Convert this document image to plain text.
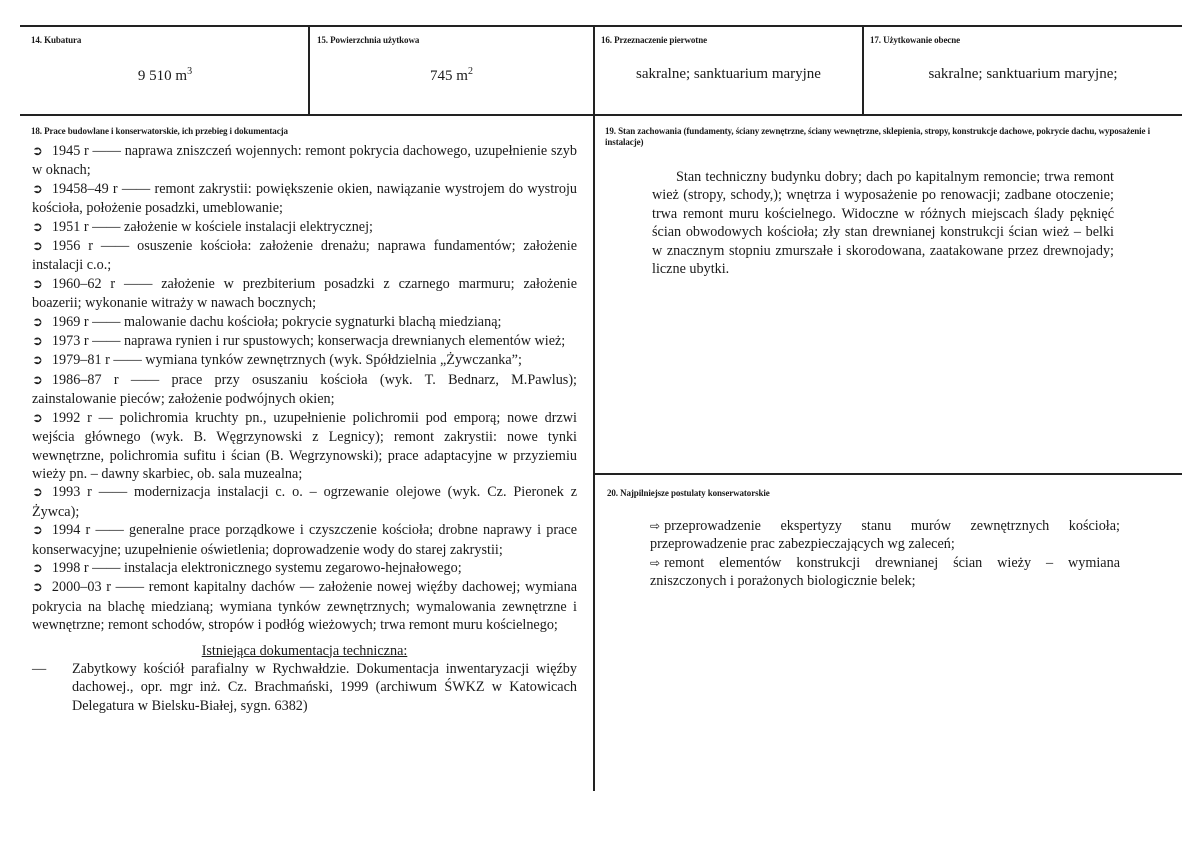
14. Kubatura
9 510 $m^3$
15. Powierzchnia użytkowa
745 $m^2$
16. Przeznaczenie pierwotne
sakralne; sanktuarium maryjne
17. Użytkowanie obecne
sakralne; sanktuarium maryjne;
18. Prace budowlane i konserwatorskie, ich przebieg i dokumentacja

➲ 1945 r —— naprawa zniszczeń wojennych: remont pokrycia dachowego, uzupełnienie szyb w oknach;

➲ 19458–49 r —— remont zakrystii: powiększenie okien, nawiązanie wystrojem do wystroju kościoła, położenie posadzki, umeblowanie;

➲ 1951 r —— założenie w kościele instalacji elektrycznej;

➲ 1956 r —— osuszenie kościoła: założenie drenażu; naprawa fundamentów; założenie instalacji c.o.;

➲ 1960–62 r —— założenie w prezbiterium posadzki z czarnego marmuru; założenie boazerii; wykonanie witraży w nawach bocznych;

➲ 1969 r —— malowanie dachu kościoła; pokrycie sygnaturki blachą miedzianą;

➲ 1973 r —— naprawa rynien i rur spustowych; konserwacja drewnianych elementów wież;

➲ 1979–81 r —— wymiana tynków zewnętrznych (wyk. Spółdzielnia „Żywczanka”;

➲ 1986–87 r —— prace przy osuszaniu kościoła (wyk. T. Bednarz, M.Pawlus); zainstalowanie pieców; założenie podwójnych okien;

➲ 1992 r — polichromia kruchty pn., uzupełnienie polichromii pod emporą; nowe drzwi wejścia głównego (wyk. B. Węgrzynowski z Legnicy); remont zakrystii: nowe tynki wewnętrzne, polichromia sufitu i ścian (B. Wegrzynowski); prace adaptacyjne w przyziemiu wieży pn. – dawny skarbiec, ob. sala muzealna;

➲ 1993 r —— modernizacja instalacji c. o. – ogrzewanie olejowe (wyk. Cz. Pieronek z Żywca);

➲ 1994 r —— generalne prace porządkowe i czyszczenie kościoła; drobne naprawy i prace konserwacyjne; uzupełnienie oświetlenia; doprowadzenie wody do starej zakrystii;

➲ 1998 r —— instalacja elektronicznego systemu zegarowo-hejnałowego;

➲ 2000–03 r —— remont kapitalny dachów — założenie nowej więźby dachowej; wymiana pokrycia na blachę miedzianą; wymiana tynków zewnętrznych; wymalowania zewnętrzne i wewnętrzne; remont schodów, stropów i podłóg wieżowych; trwa remont muru kościelnego;

Istniejąca dokumentacja techniczna:
— Zabytkowy kościół parafialny w Rychwałdzie. Dokumentacja inwentaryzacji więźby dachowej., opr. mgr inż. Cz. Brachmański, 1999 (archiwum ŚWKZ w Katowicach Delegatura w Bielsku-Białej, sygn. 6382)
19. Stan zachowania (fundamenty, ściany zewnętrzne, ściany wewnętrzne, sklepienia, stropy, konstrukcje dachowe, pokrycie dachu, wyposażenie i instalacje)
Stan techniczny budynku dobry; dach po kapitalnym remoncie; trwa remont wież (stropy, schody,); wnętrza i wyposażenie po renowacji; zadbane otoczenie; trwa remont muru kościelnego. Widoczne w różnych miejscach ślady pęknięć ścian obwodowych kościoła; zły stan drewnianej konstrukcji ścian wież – belki w znacznym stopniu zmurszałe i skorodowana, zaatakowane przez drewnojady; liczne ubytki.
20. Najpilniejsze postulaty konserwatorskie

⇨ przeprowadzenie ekspertyzy stanu murów zewnętrznych kościoła; przeprowadzenie prac zabezpieczających wg zaleceń;

⇨ remont elementów konstrukcji drewnianej ścian wieży – wymiana zniszczonych i porażonych biologicznie belek;
